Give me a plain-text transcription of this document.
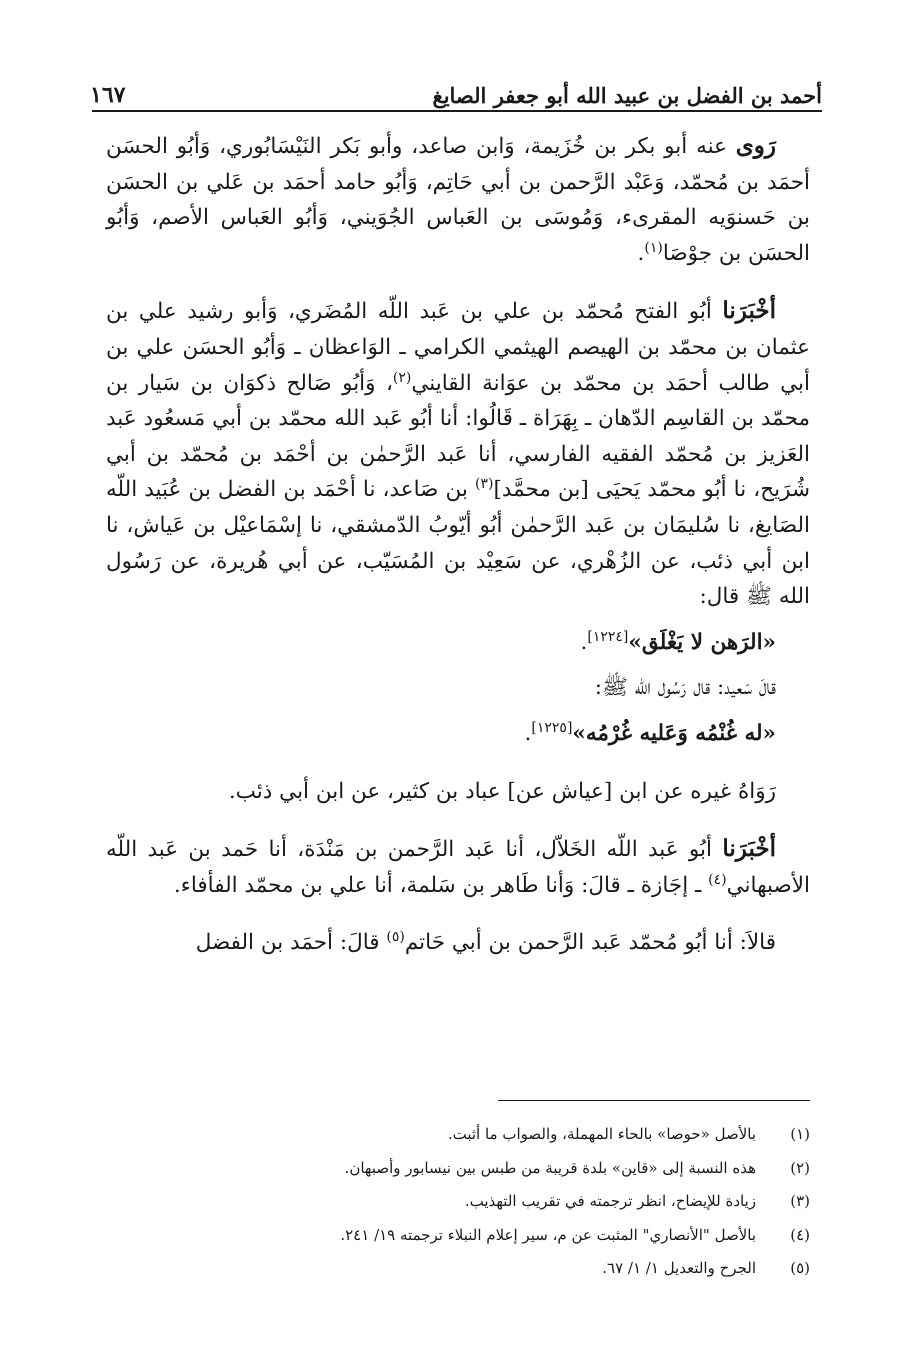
أحمد بن الفضل بن عبيد الله أبو جعفر الصايغ
١٦٧

رَوى عنه أبو بكر بن خُزَيمة، وَابن صاعد، وأبو بَكر النَيْسَابُوري، وَأبُو الحسَن أحمَد بن مُحمّد، وَعَبْد الرَّحمن بن أبي حَاتِم، وَأبُو حامد أحمَد بن عَلي بن الحسَن بن حَسنوَيه المقرىء، وَمُوسَى بن العَباس الجُوَيني، وَأبُو العَباس الأصم، وَأبُو الحسَن بن جوْصَا$^{(١)}$.

أخْبَرَنا أبُو الفتح مُحمّد بن علي بن عَبد اللّه المُضَري، وَأبو رشيد علي بن عثمان بن محمّد بن الهيصم الهيثمي الكرامي ـ الوَاعظان ـ وَأبُو الحسَن علي بن أبي طالب أحمَد بن محمّد بن عوَانة القايني$^{(٢)}$، وَأبُو صَالح ذكوَان بن سَيار بن محمّد بن القاسِم الدّهان ـ بِهَرَاة ـ قَالُوا: أنا أبُو عَبد الله محمّد بن أبي مَسعُود عَبد العَزيز بن مُحمّد الفقيه الفارسي، أنا عَبد الرَّحمٰن بن أحْمَد بن مُحمّد بن أبي شُرَيح، نا أبُو محمّد يَحيَى [بن محمَّد]$^{(٣)}$ بن صَاعد، نا أحْمَد بن الفضل بن عُبَيد اللّه الصَايغ، نا سُليمَان بن عَبد الرَّحمٰن أبُو أيّوبُ الدّمشقي، نا إسْمَاعيْل بن عَياش، نا ابن أبي ذئب، عن الزُهْري، عن سَعِيْد بن المُسَيّب، عن أبي هُريرة، عن رَسُول الله ﷺ قال:

«الرَهن لا يَغْلَق»[١٢٢٤].

قالَ سَعيد: قال رَسُول الله ﷺ:

«له غُنْمُه وَعَليه غُرْمُه»[١٢٢٥].

رَوَاهُ غيره عن ابن [عياش عن] عباد بن كثير، عن ابن أبي ذئب.

أخْبَرَنا أبُو عَبد اللّه الخَلاّل، أنا عَبد الرَّحمن بن مَنْدَة، أنا حَمد بن عَبد اللّه الأصبهاني$^{(٤)}$ ـ إجَازة ـ قالَ: وَأنا طَاهر بن سَلمة، أنا علي بن محمّد الفأفاء.

قالاَ: أنا أبُو مُحمّد عَبد الرَّحمن بن أبي حَاتم$^{(٥)}$ قالَ: أحمَد بن الفضل

(١)
بالأصل «حوصا» بالحاء المهملة، والصواب ما أثبت.
(٢)
هذه النسبة إلى «قاين» بلدة قريبة من طبس بين نيسابور وأصبهان.
(٣)
زيادة للإيضاح، انظر ترجمته في تقريب التهذيب.
(٤)
بالأصل "الأنصاري" المثبت عن م، سير إعلام النبلاء ترجمته ١٩/ ٢٤١.
(٥)
الجرح والتعديل ١/ ١/ ٦٧.
